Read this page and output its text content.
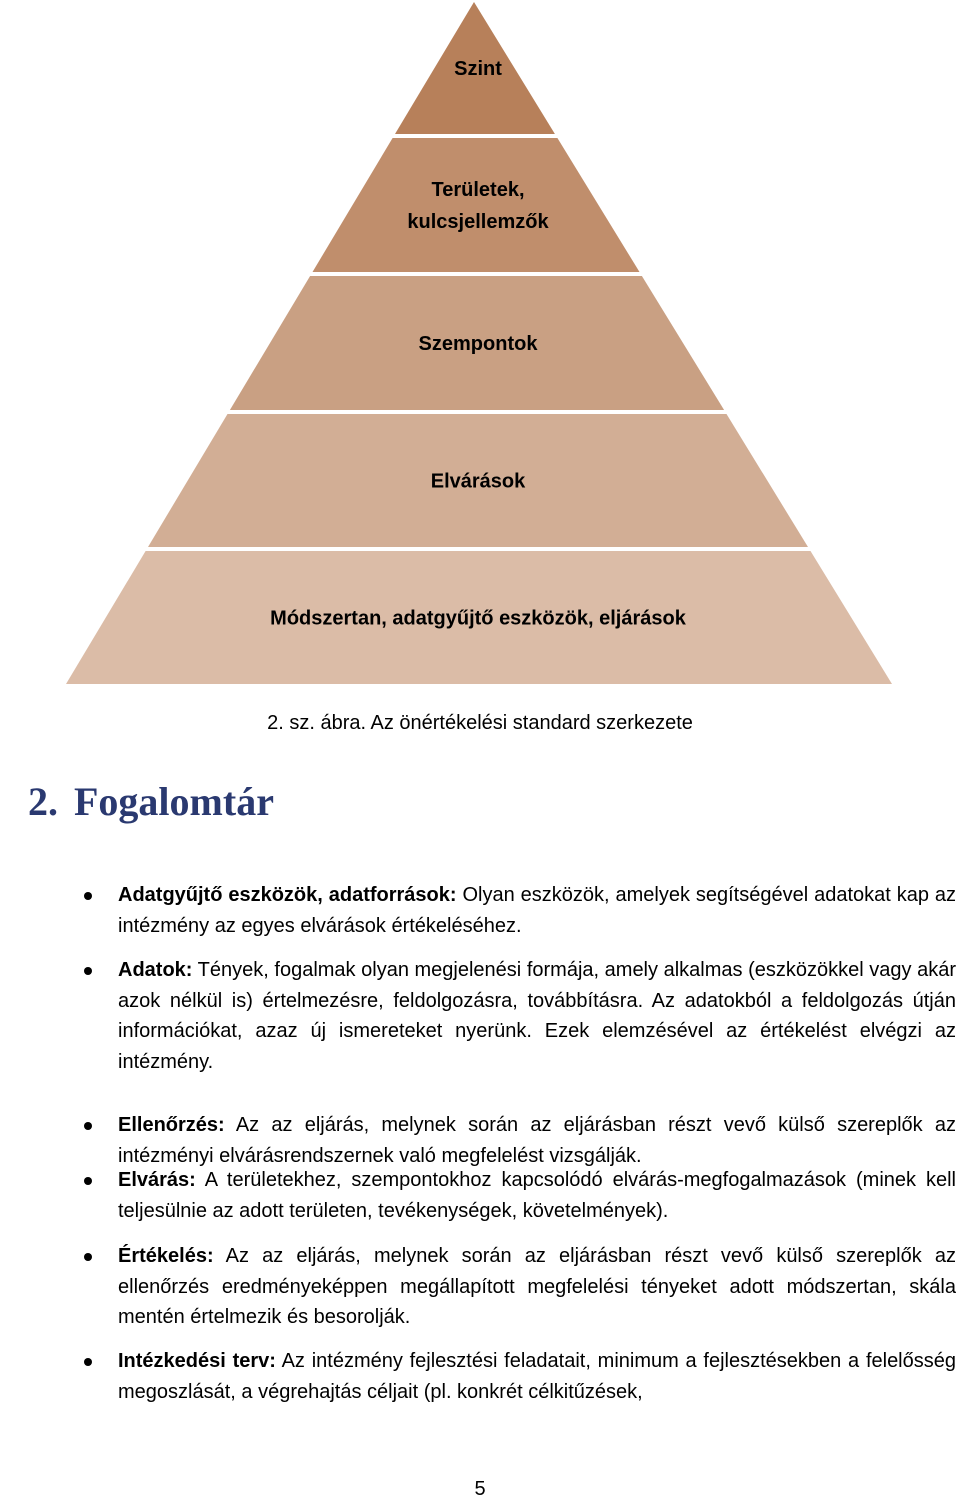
Szint
Területek,
kulcsjellemzők
Szempontok
Elvárások
Módszertan, adatgyűjtő eszközök, eljárások
2. sz. ábra. Az önértékelési standard szerkezete
2. Fogalomtár

Adatgyűjtő eszközök, adatforrások: Olyan eszközök, amelyek segítségével adatokat kap az intézmény az egyes elvárások értékeléséhez.

Adatok: Tények, fogalmak olyan megjelenési formája, amely alkalmas (eszközökkel vagy akár azok nélkül is) értelmezésre, feldolgozásra, továbbításra. Az adatokból a feldolgozás útján információkat, azaz új ismereteket nyerünk. Ezek elemzésével az értékelést elvégzi az intézmény.

Ellenőrzés: Az az eljárás, melynek során az eljárásban részt vevő külső szereplők az intézményi elvárásrendszernek való megfelelést vizsgálják.

Elvárás: A területekhez, szempontokhoz kapcsolódó elvárás-megfogalmazások (minek kell teljesülnie az adott területen, tevékenységek, követelmények).

Értékelés: Az az eljárás, melynek során az eljárásban részt vevő külső szereplők az ellenőrzés eredményeképpen megállapított megfelelési tényeket adott módszertan, skála mentén értelmezik és besorolják.

Intézkedési terv: Az intézmény fejlesztési feladatait, minimum a fejlesztésekben a felelősség megoszlását, a végrehajtás céljait (pl. konkrét célkitűzések,

5
